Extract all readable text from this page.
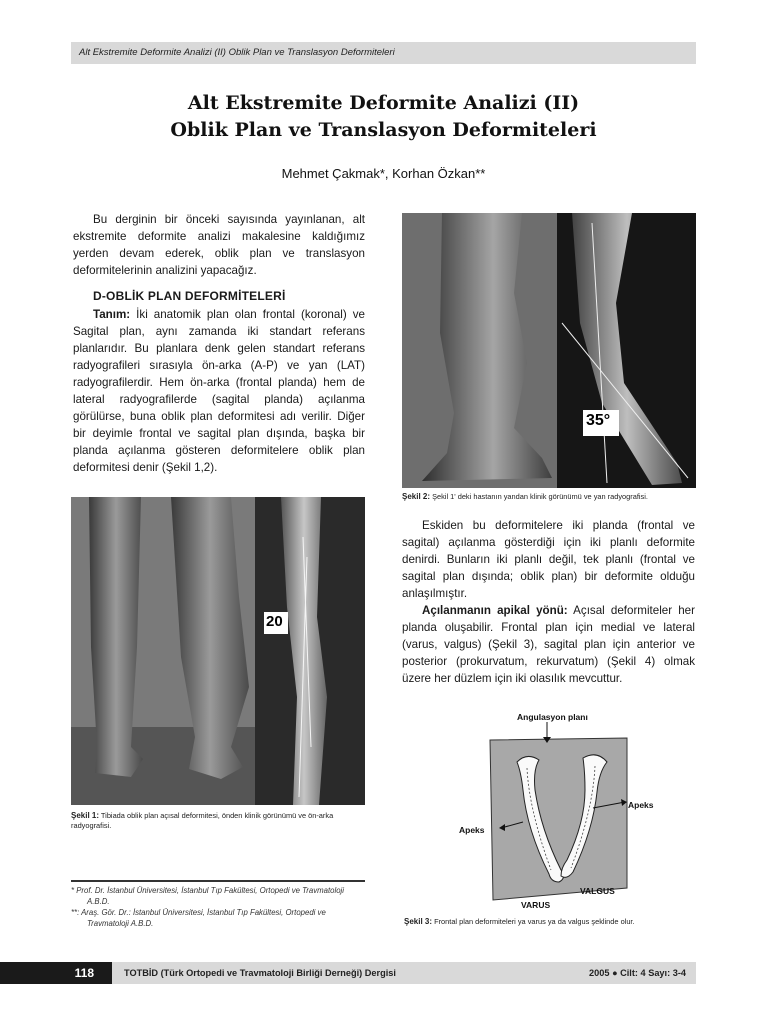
Alt Ekstremite Deformite Analizi (II) Oblik Plan ve Translasyon Deformiteleri
Alt Ekstremite Deformite Analizi (II)
Oblik Plan ve Translasyon Deformiteleri
Mehmet Çakmak*, Korhan Özkan**

Bu derginin bir önceki sayısında yayınlanan, alt ekstremite deformite analizi makalesine kaldığımız yerden devam ederek, oblik plan ve translasyon deformitelerinin analizini yapacağız.

D-OBLİK PLAN DEFORMİTELERİ

Tanım: İki anatomik plan olan frontal (koronal) ve Sagital plan, aynı zamanda iki standart referans planlarıdır. Bu planlara denk gelen standart referans radyografileri sırasıyla ön-arka (A-P) ve yan (LAT) radyografilerdir. Hem ön-arka (frontal planda) hem de lateral radyografilerde (sagital planda) açılanma görülürse, buna oblik plan deformitesi adı verilir. Diğer bir deyimle frontal ve sagital plan dışında, başka bir planda açılanma gösteren deformitelere oblik plan deformitesi denir (Şekil 1,2).

20
Şekil 1: Tibiada oblik plan açısal deformitesi, önden klinik görünümü ve ön-arka radyografisi.
35°
Şekil 2: Şekil 1' deki hastanın yandan klinik görünümü ve yan radyografisi.

Eskiden bu deformitelere iki planda (frontal ve sagital) açılanma gösterdiği için iki planlı deformite denirdi. Bunların iki planlı değil, tek planlı (frontal ve sagital plan dışında; oblik plan) bir deformite olduğu anlaşılmıştır.

Açılanmanın apikal yönü: Açısal deformiteler her planda oluşabilir. Frontal plan için medial ve lateral (varus, valgus) (Şekil 3), sagital plan için anterior ve posterior (prokurvatum, rekurvatum) (Şekil 4) olmak üzere her düzlem için iki olasılık mevcuttur.

Angulasyon planı
Apeks
Apeks
VARUS
VALGUS
Şekil 3: Frontal plan deformiteleri ya varus ya da valgus şeklinde olur.
* Prof. Dr. İstanbul Üniversitesi, İstanbul Tıp Fakültesi, Ortopedi ve Travmatoloji A.B.D.
**: Araş. Gör. Dr.: İstanbul Üniversitesi, İstanbul Tıp Fakültesi, Ortopedi ve Travmatoloji A.B.D.
118	TOTBİD (Türk Ortopedi ve Travmatoloji Birliği Derneği) Dergisi	2005 ● Cilt: 4 Sayı: 3-4
